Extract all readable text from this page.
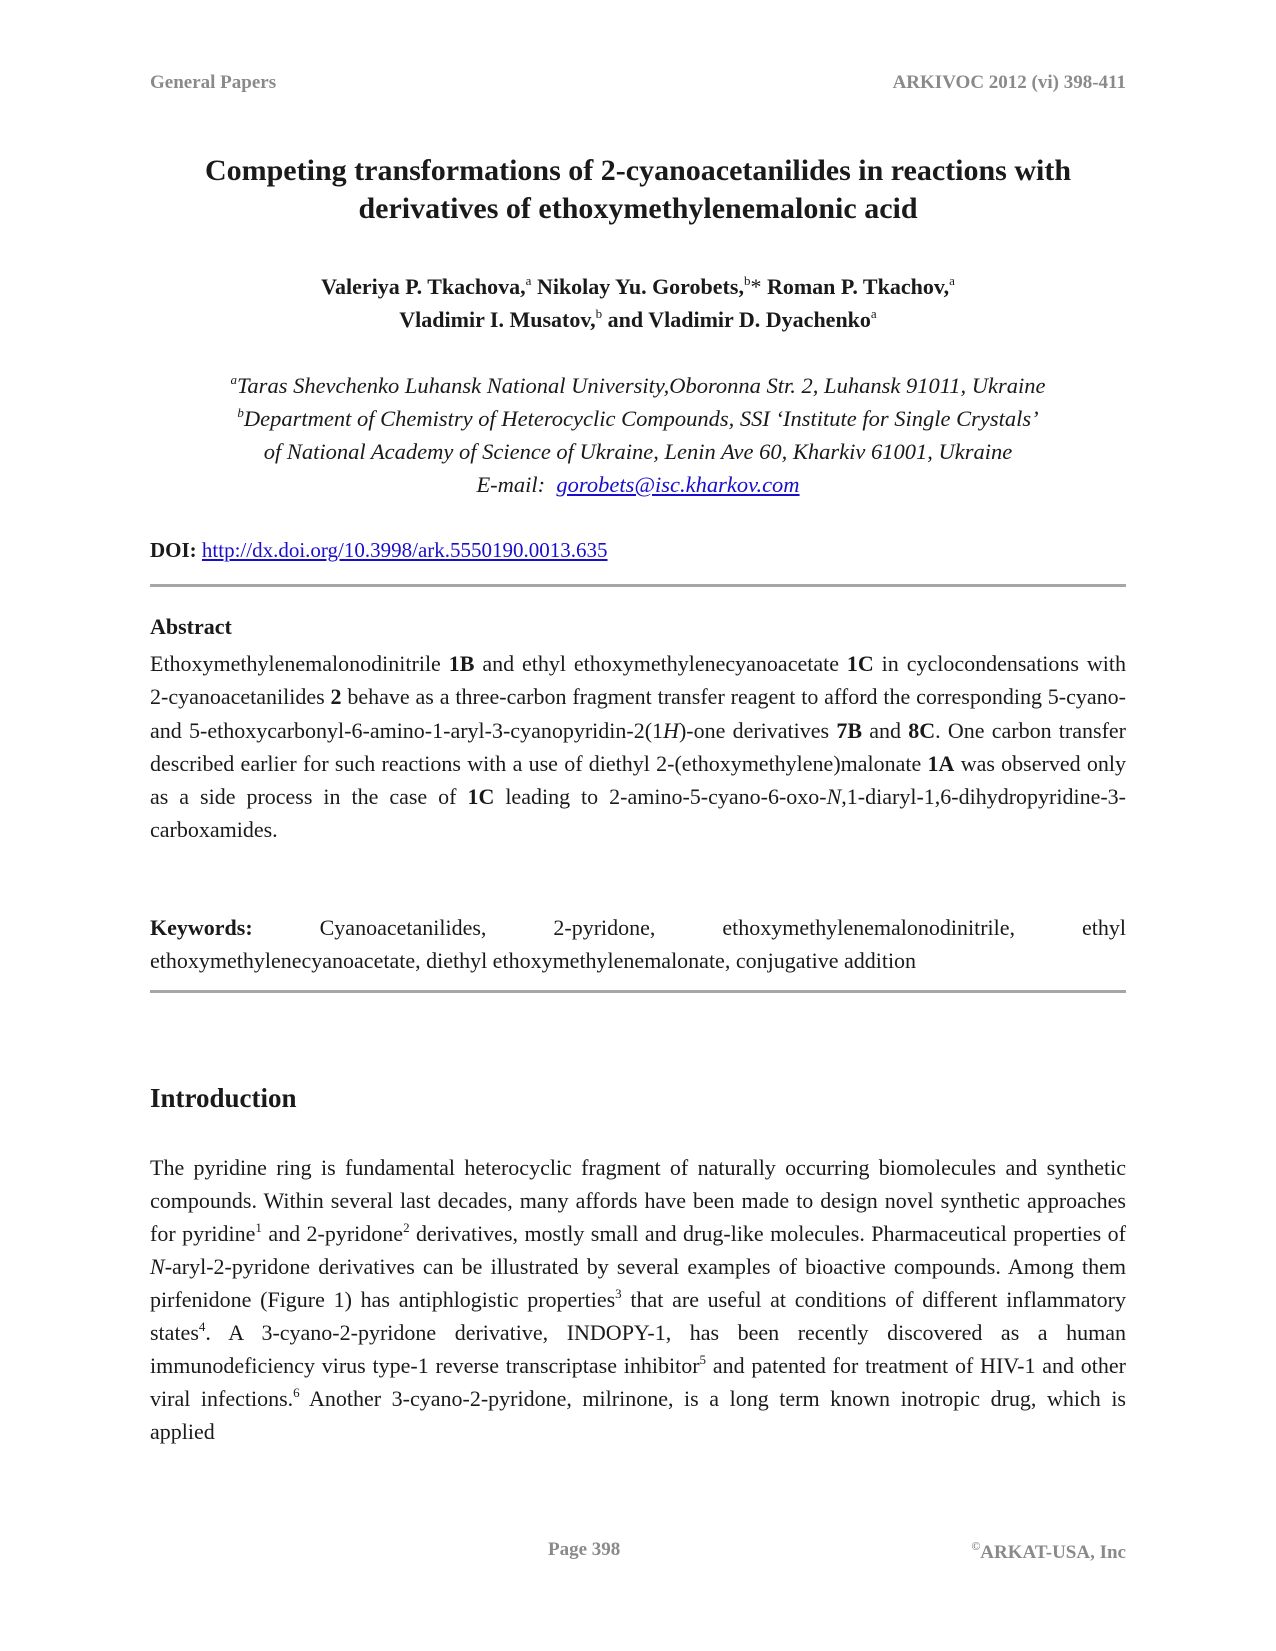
General Papers	ARKIVOC 2012 (vi) 398-411
Competing transformations of 2-cyanoacetanilides in reactions with
derivatives of ethoxymethylenemalonic acid
Valeriya P. Tkachova,$^a$ Nikolay Yu. Gorobets,$^b$* Roman P. Tkachov,$^a$
Vladimir I. Musatov,$^b$ and Vladimir D. Dyachenko$^a$
$^a$Taras Shevchenko Luhansk National University,Oboronna Str. 2, Luhansk 91011, Ukraine
$^b$Department of Chemistry of Heterocyclic Compounds, SSI ‘Institute for Single Crystals’
of National Academy of Science of Ukraine, Lenin Ave 60, Kharkiv 61001, Ukraine
E-mail:  gorobets@isc.kharkov.com
DOI: http://dx.doi.org/10.3998/ark.5550190.0013.635
Abstract

Ethoxymethylenemalonodinitrile 1B and ethyl ethoxymethylenecyanoacetate 1C in cyclocondensations with 2-cyanoacetanilides 2 behave as a three-carbon fragment transfer reagent to afford the corresponding 5-cyano- and 5-ethoxycarbonyl-6-amino-1-aryl-3-cyanopyridin-2(1H)-one derivatives 7B and 8C. One carbon transfer described earlier for such reactions with a use of diethyl 2-(ethoxymethylene)malonate 1A was observed only as a side process in the case of 1C leading to 2-amino-5-cyano-6-oxo-N,1-diaryl-1,6-dihydropyridine-3-carboxamides.

Keywords: Cyanoacetanilides, 2-pyridone, ethoxymethylenemalonodinitrile, ethyl ethoxymethylenecyanoacetate, diethyl ethoxymethylenemalonate, conjugative addition

Introduction

The pyridine ring is fundamental heterocyclic fragment of naturally occurring biomolecules and synthetic compounds. Within several last decades, many affords have been made to design novel synthetic approaches for pyridine$^1$ and 2-pyridone$^2$ derivatives, mostly small and drug-like molecules. Pharmaceutical properties of N-aryl-2-pyridone derivatives can be illustrated by several examples of bioactive compounds. Among them pirfenidone (Figure 1) has antiphlogistic properties$^3$ that are useful at conditions of different inflammatory states$^4$. A 3-cyano-2-pyridone derivative, INDOPY-1, has been recently discovered as a human immunodeficiency virus type-1 reverse transcriptase inhibitor$^5$ and patented for treatment of HIV-1 and other viral infections.$^6$ Another 3-cyano-2-pyridone, milrinone, is a long term known inotropic drug, which is applied

Page 398	©ARKAT-USA, Inc
